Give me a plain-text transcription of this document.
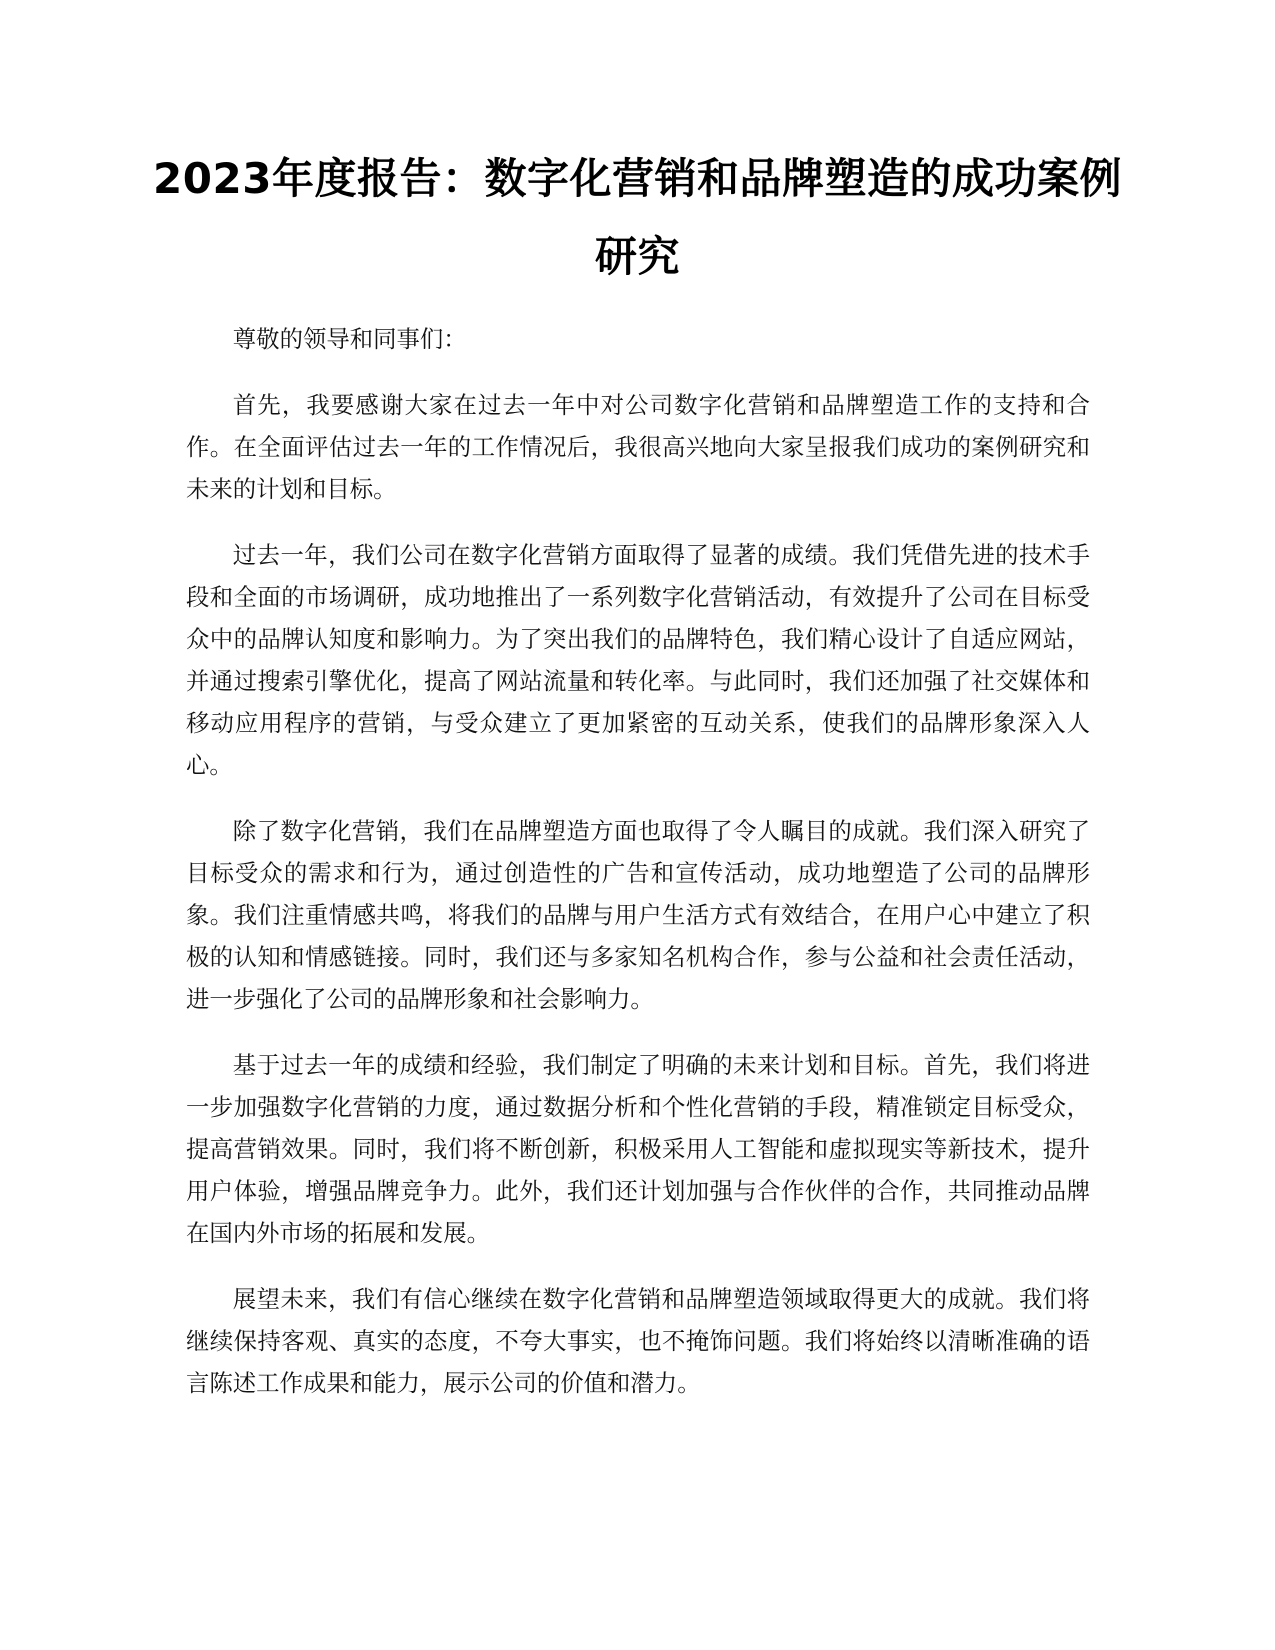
2023年度报告：数字化营销和品牌塑造的成功案例研究

尊敬的领导和同事们：

首先，我要感谢大家在过去一年中对公司数字化营销和品牌塑造工作的支持和合作。在全面评估过去一年的工作情况后，我很高兴地向大家呈报我们成功的案例研究和未来的计划和目标。

过去一年，我们公司在数字化营销方面取得了显著的成绩。我们凭借先进的技术手段和全面的市场调研，成功地推出了一系列数字化营销活动，有效提升了公司在目标受众中的品牌认知度和影响力。为了突出我们的品牌特色，我们精心设计了自适应网站，并通过搜索引擎优化，提高了网站流量和转化率。与此同时，我们还加强了社交媒体和移动应用程序的营销，与受众建立了更加紧密的互动关系，使我们的品牌形象深入人心。

除了数字化营销，我们在品牌塑造方面也取得了令人瞩目的成就。我们深入研究了目标受众的需求和行为，通过创造性的广告和宣传活动，成功地塑造了公司的品牌形象。我们注重情感共鸣，将我们的品牌与用户生活方式有效结合，在用户心中建立了积极的认知和情感链接。同时，我们还与多家知名机构合作，参与公益和社会责任活动，进一步强化了公司的品牌形象和社会影响力。

基于过去一年的成绩和经验，我们制定了明确的未来计划和目标。首先，我们将进一步加强数字化营销的力度，通过数据分析和个性化营销的手段，精准锁定目标受众，提高营销效果。同时，我们将不断创新，积极采用人工智能和虚拟现实等新技术，提升用户体验，增强品牌竞争力。此外，我们还计划加强与合作伙伴的合作，共同推动品牌在国内外市场的拓展和发展。

展望未来，我们有信心继续在数字化营销和品牌塑造领域取得更大的成就。我们将继续保持客观、真实的态度，不夸大事实，也不掩饰问题。我们将始终以清晰准确的语言陈述工作成果和能力，展示公司的价值和潜力。
